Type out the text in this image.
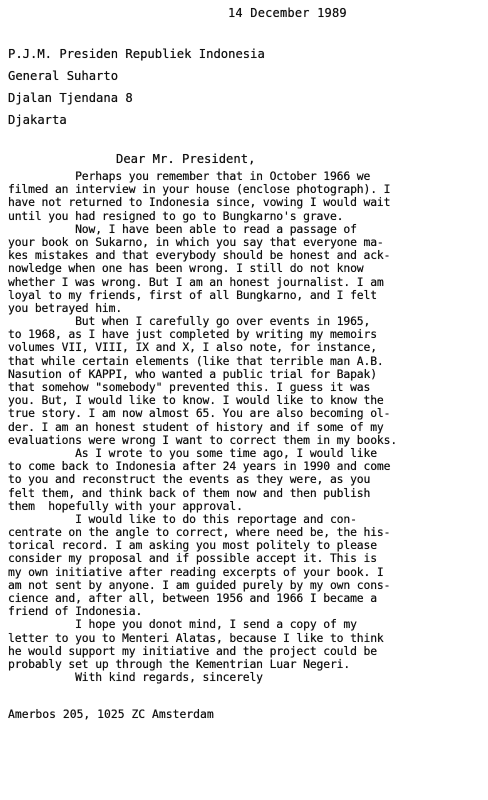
14 December 1989
P.J.M. Presiden Republiek Indonesia
General Suharto
Djalan Tjendana 8
Djakarta
Dear Mr. President,
Perhaps you remember that in October 1966 we
filmed an interview in your house (enclose photograph). I
have not returned to Indonesia since, vowing I would wait
until you had resigned to go to Bungkarno's grave.
Now, I have been able to read a passage of
your book on Sukarno, in which you say that everyone ma-
kes mistakes and that everybody should be honest and ack-
nowledge when one has been wrong. I still do not know
whether I was wrong. But I am an honest journalist. I am
loyal to my friends, first of all Bungkarno, and I felt
you betrayed him.
But when I carefully go over events in 1965,
to 1968, as I have just completed by writing my memoirs
volumes VII, VIII, IX and X, I also note, for instance,
that while certain elements (like that terrible man A.B.
Nasution of KAPPI, who wanted a public trial for Bapak)
that somehow "somebody" prevented this. I guess it was
you. But, I would like to know. I would like to know the
true story. I am now almost 65. You are also becoming ol-
der. I am an honest student of history and if some of my
evaluations were wrong I want to correct them in my books.
As I wrote to you some time ago, I would like
to come back to Indonesia after 24 years in 1990 and come
to you and reconstruct the events as they were, as you
felt them, and think back of them now and then publish
them  hopefully with your approval.
I would like to do this reportage and con-
centrate on the angle to correct, where need be, the his-
torical record. I am asking you most politely to please
consider my proposal and if possible accept it. This is
my own initiative after reading excerpts of your book. I
am not sent by anyone. I am guided purely by my own cons-
cience and, after all, between 1956 and 1966 I became a
friend of Indonesia.
I hope you donot mind, I send a copy of my
letter to you to Menteri Alatas, because I like to think
he would support my initiative and the project could be
probably set up through the Kementrian Luar Negeri.
With kind regards, sincerely
Amerbos 205, 1025 ZC Amsterdam
